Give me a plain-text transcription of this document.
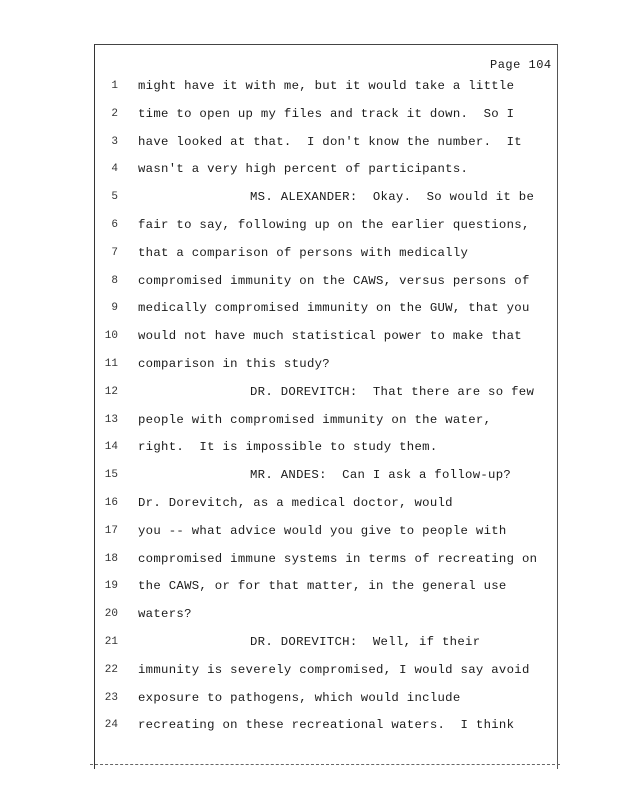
Page 104
1 might have it with me, but it would take a little
2 time to open up my files and track it down.  So I
3 have looked at that.  I don't know the number.  It
4 wasn't a very high percent of participants.
5	MS. ALEXANDER:  Okay.  So would it be
6 fair to say, following up on the earlier questions,
7 that a comparison of persons with medically
8 compromised immunity on the CAWS, versus persons of
9 medically compromised immunity on the GUW, that you
10 would not have much statistical power to make that
11 comparison in this study?
12	DR. DOREVITCH:  That there are so few
13 people with compromised immunity on the water,
14 right.  It is impossible to study them.
15	MR. ANDES:  Can I ask a follow-up?
16 Dr. Dorevitch, as a medical doctor, would
17 you -- what advice would you give to people with
18 compromised immune systems in terms of recreating on
19 the CAWS, or for that matter, in the general use
20 waters?
21	DR. DOREVITCH:  Well, if their
22 immunity is severely compromised, I would say avoid
23 exposure to pathogens, which would include
24 recreating on these recreational waters.  I think
